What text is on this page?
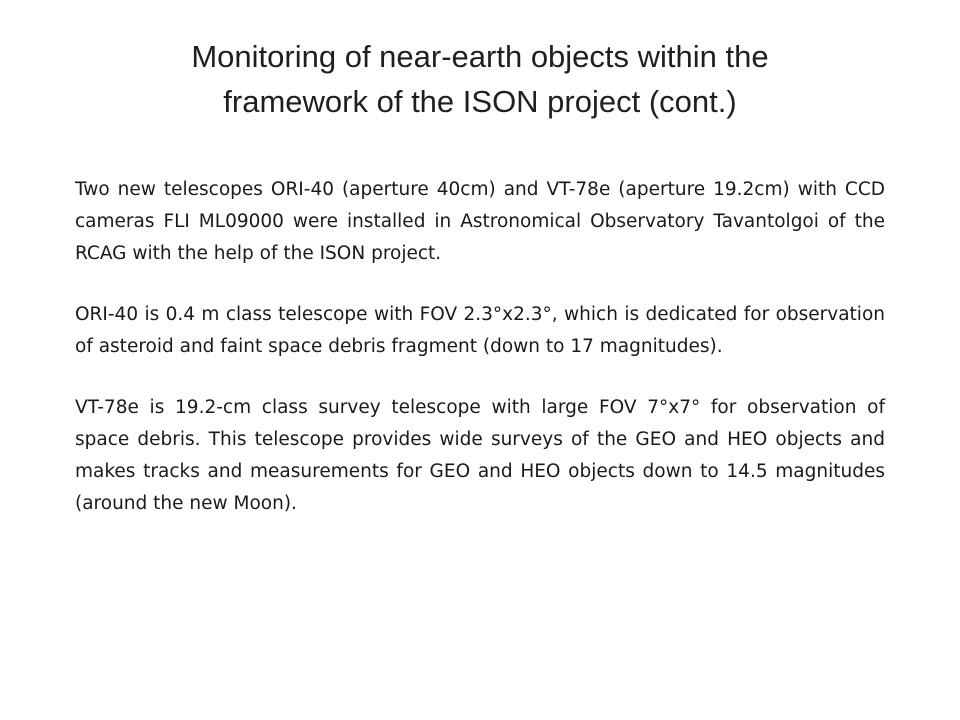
Monitoring of near-earth objects within the
framework of the ISON project (cont.)

Two new telescopes ORI-40 (aperture 40cm) and VT-78e (aperture 19.2cm) with CCD cameras FLI ML09000 were installed in Astronomical Observatory Tavantolgoi of the RCAG with the help of the ISON project.

ORI-40 is 0.4 m class telescope with FOV 2.3°x2.3°, which is dedicated for observation of asteroid and faint space debris fragment (down to 17 magnitudes).

VT-78e is 19.2-cm class survey telescope with large FOV 7°x7° for observation of space debris. This telescope provides wide surveys of the GEO and HEO objects and makes tracks and measurements for GEO and HEO objects down to 14.5 magnitudes (around the new Moon).
